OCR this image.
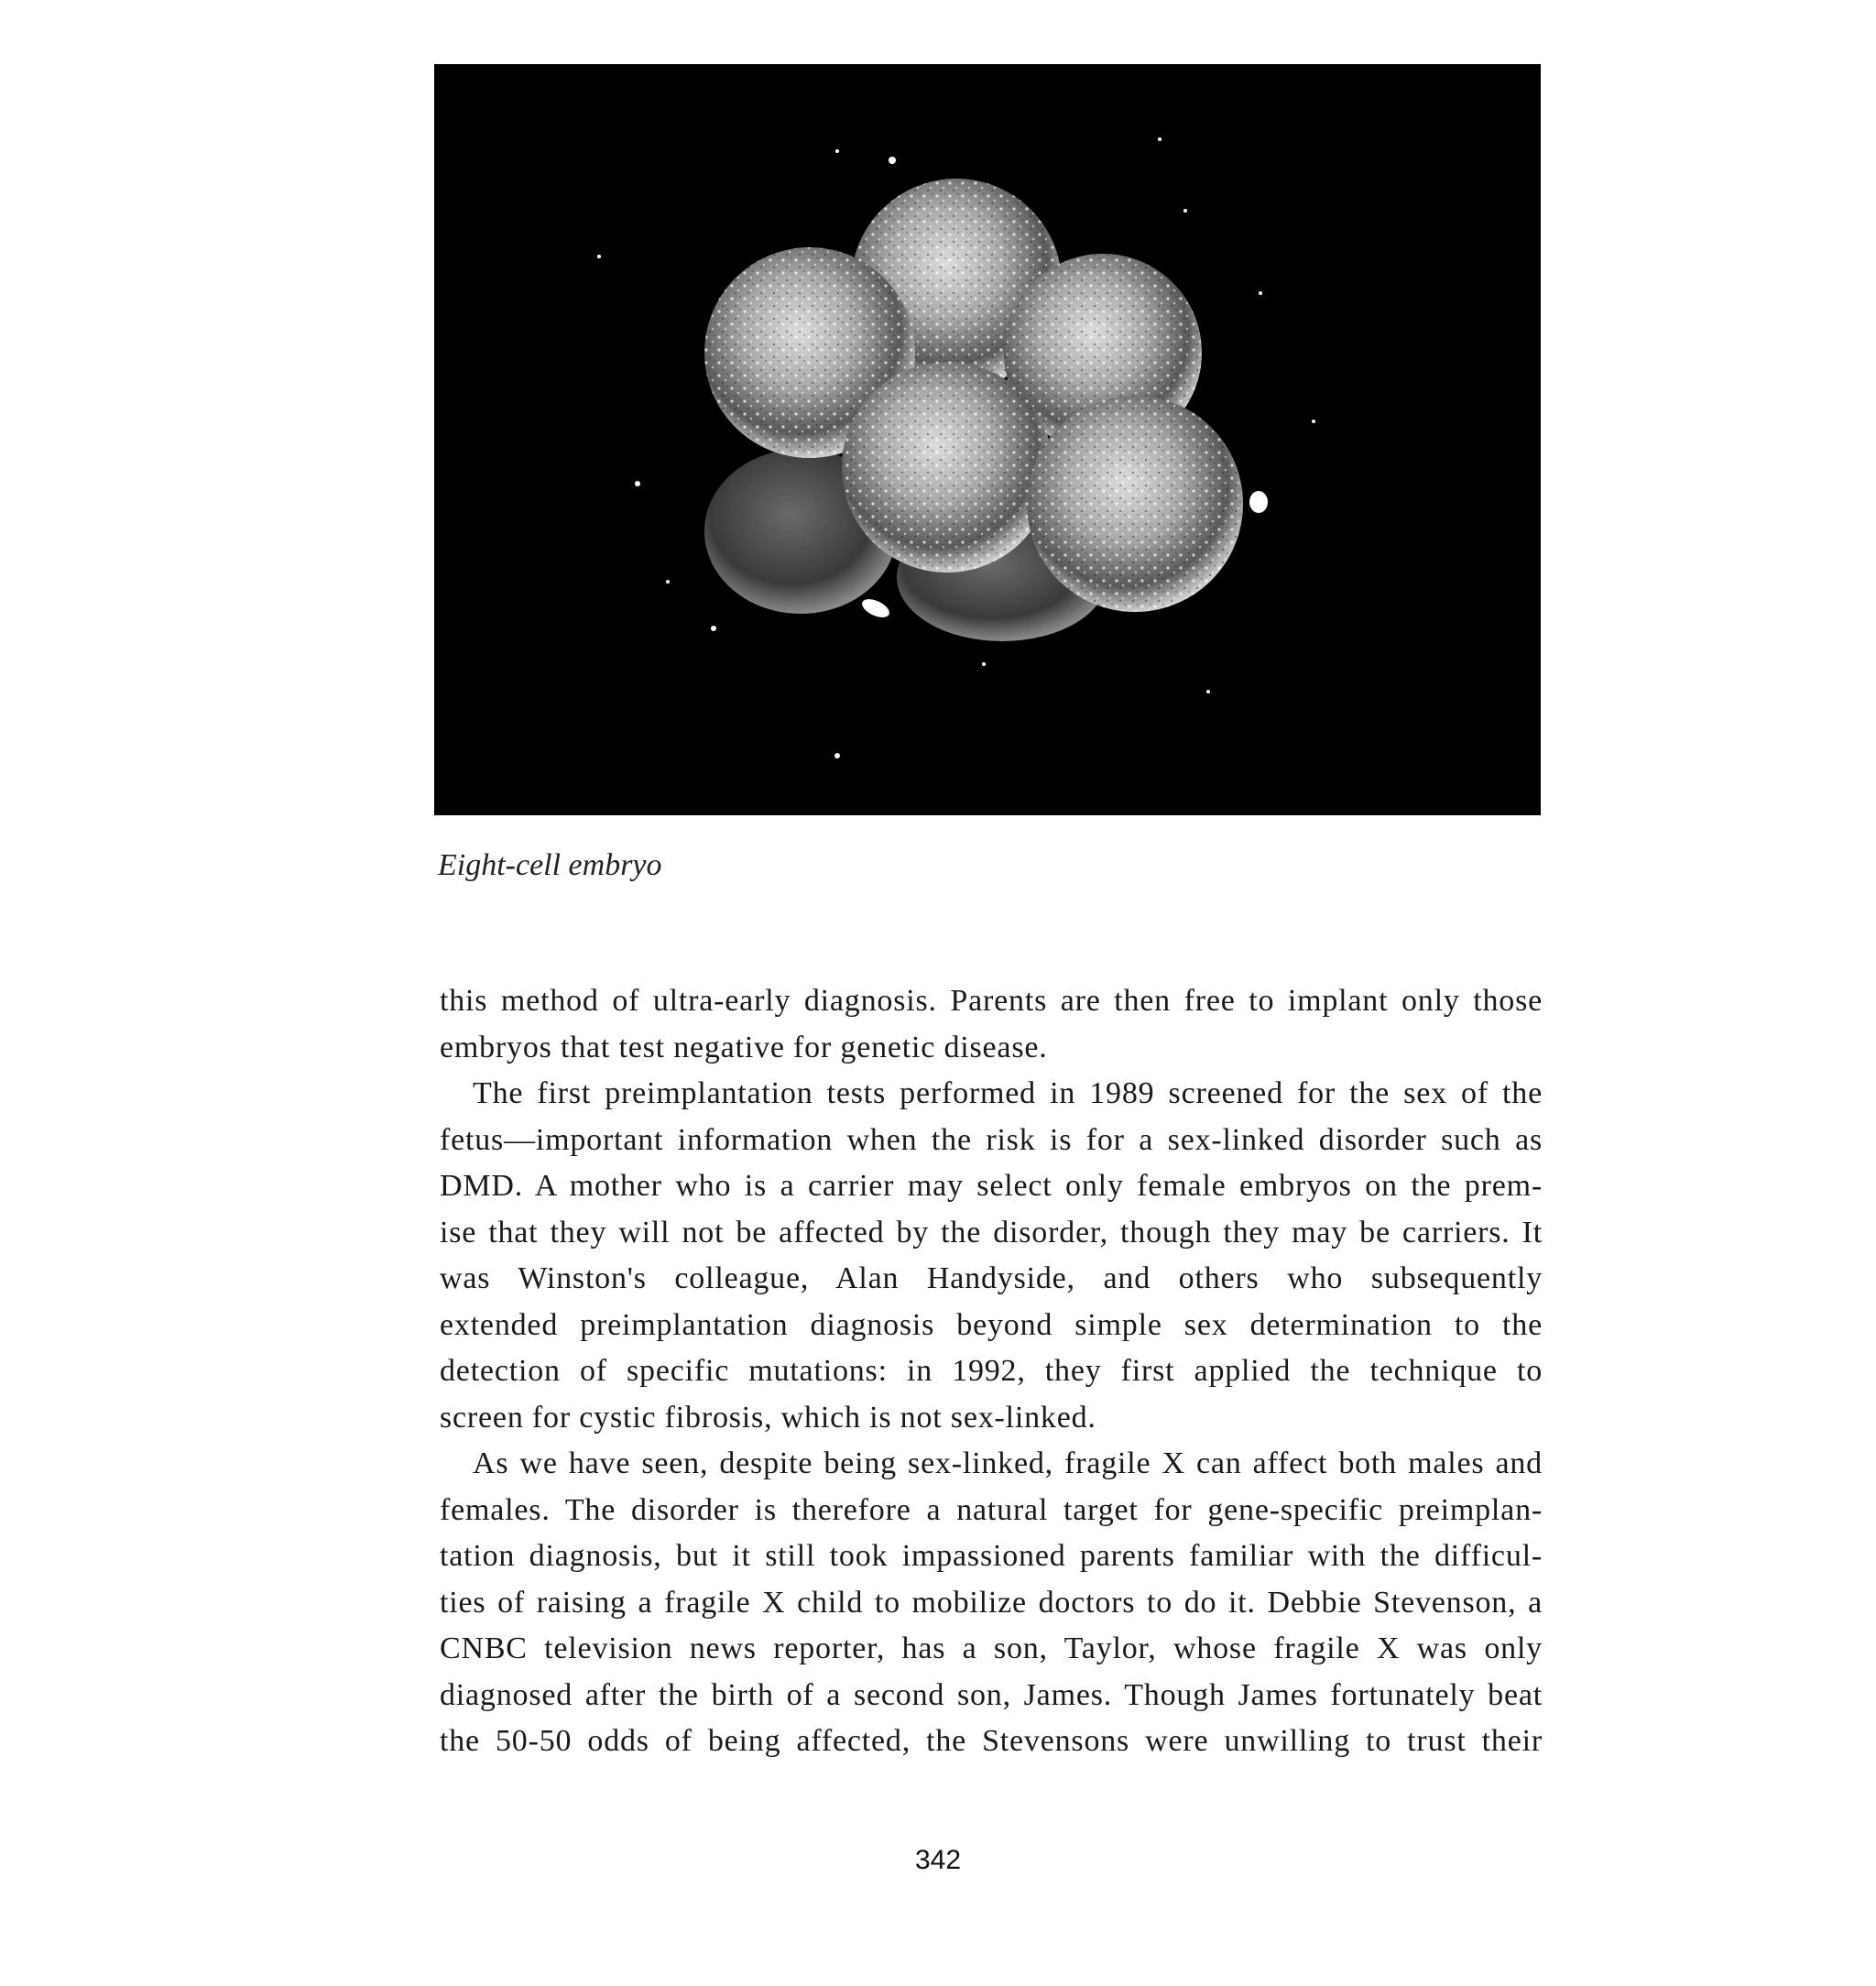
Eight-cell embryo
this method of ultra-early diagnosis. Parents are then free to implant only those
embryos that test negative for genetic disease.
The first preimplantation tests performed in 1989 screened for the sex of the
fetus—important information when the risk is for a sex-linked disorder such as
DMD. A mother who is a carrier may select only female embryos on the prem-
ise that they will not be affected by the disorder, though they may be carriers. It
was Winston's colleague, Alan Handyside, and others who subsequently
extended preimplantation diagnosis beyond simple sex determination to the
detection of specific mutations: in 1992, they first applied the technique to
screen for cystic fibrosis, which is not sex-linked.
As we have seen, despite being sex-linked, fragile X can affect both males and
females. The disorder is therefore a natural target for gene-specific preimplan-
tation diagnosis, but it still took impassioned parents familiar with the difficul-
ties of raising a fragile X child to mobilize doctors to do it. Debbie Stevenson, a
CNBC television news reporter, has a son, Taylor, whose fragile X was only
diagnosed after the birth of a second son, James. Though James fortunately beat
the 50-50 odds of being affected, the Stevensons were unwilling to trust their
342
